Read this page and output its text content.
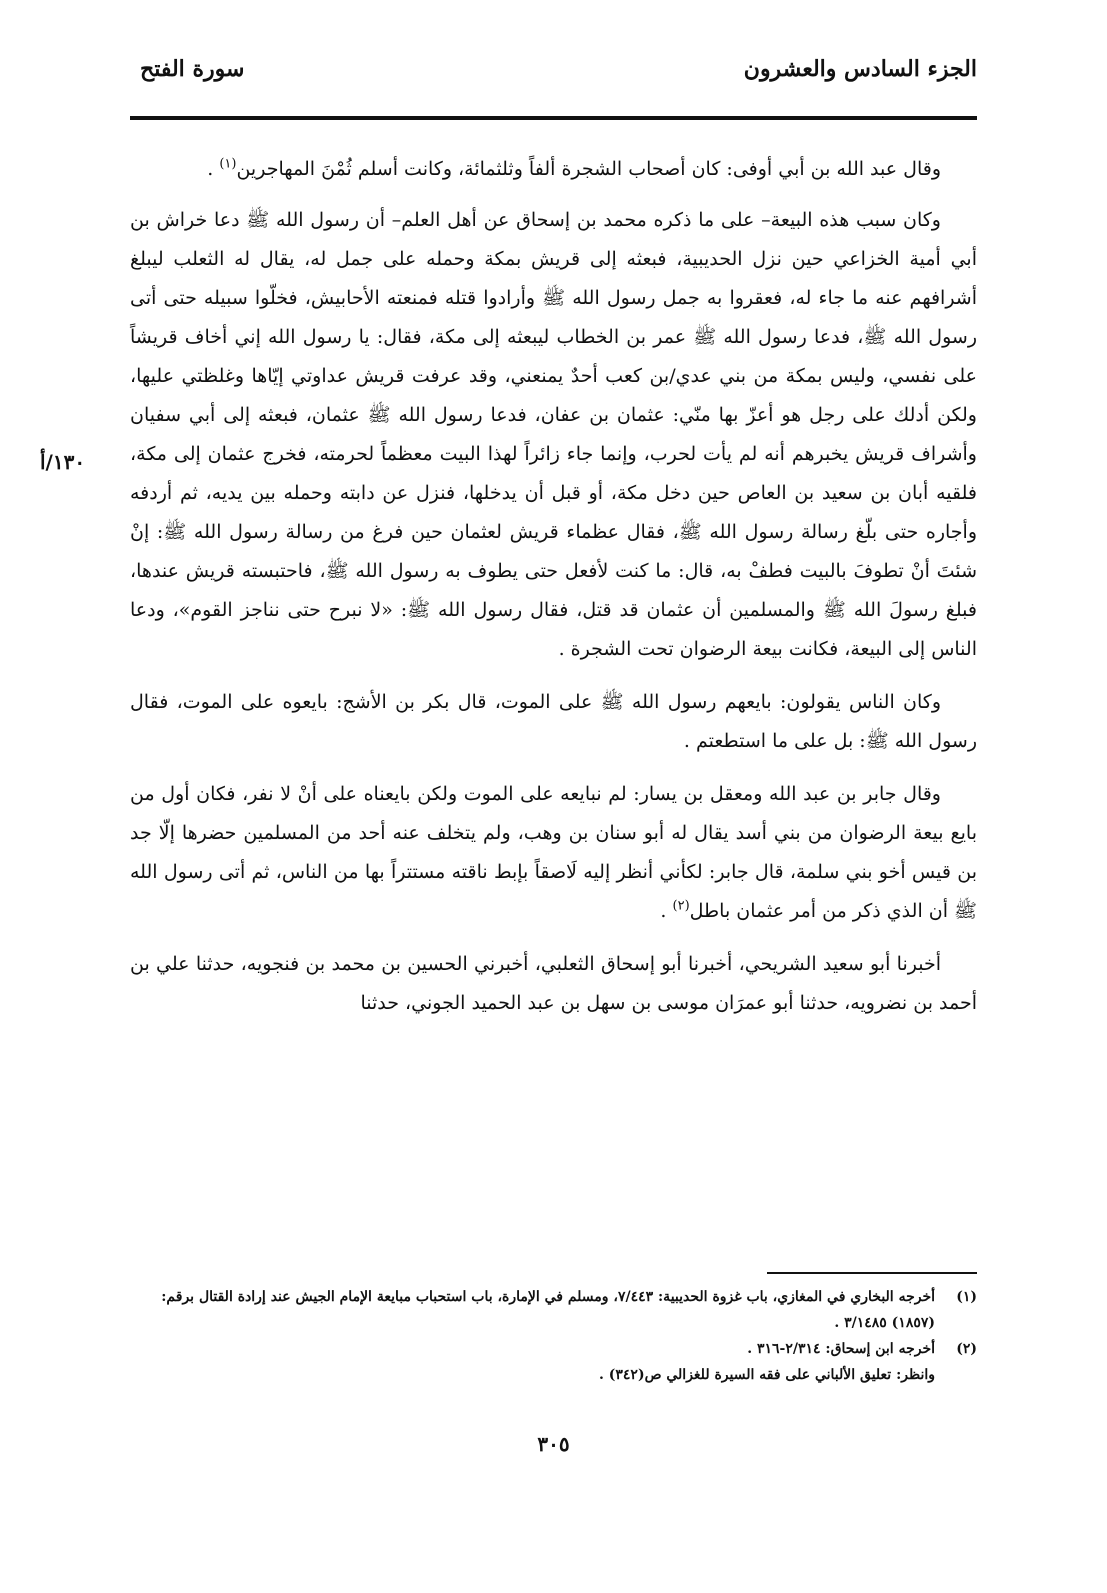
الجزء السادس والعشرون
سورة الفتح
١٣٠/أ

وقال عبد الله بن أبي أوفى: كان أصحاب الشجرة ألفاً وثلثمائة، وكانت أسلم ثُمْنَ المهاجرين$^{(١)}$ .

وكان سبب هذه البيعة– على ما ذكره محمد بن إسحاق عن أهل العلم– أن رسول الله ﷺ دعا خراش بن أبي أمية الخزاعي حين نزل الحديبية، فبعثه إلى قريش بمكة وحمله على جمل له، يقال له الثعلب ليبلغ أشرافهم عنه ما جاء له، فعقروا به جمل رسول الله ﷺ وأرادوا قتله فمنعته الأحابيش، فخلّوا سبيله حتى أتى رسول الله ﷺ، فدعا رسول الله ﷺ عمر بن الخطاب ليبعثه إلى مكة، فقال: يا رسول الله إني أخاف قريشاً على نفسي، وليس بمكة من بني عدي/بن كعب أحدٌ يمنعني، وقد عرفت قريش عداوتي إيّاها وغلظتي عليها، ولكن أدلك على رجل هو أعزّ بها منّي: عثمان بن عفان، فدعا رسول الله ﷺ عثمان، فبعثه إلى أبي سفيان وأشراف قريش يخبرهم أنه لم يأت لحرب، وإنما جاء زائراً لهذا البيت معظماً لحرمته، فخرج عثمان إلى مكة، فلقيه أبان بن سعيد بن العاص حين دخل مكة، أو قبل أن يدخلها، فنزل عن دابته وحمله بين يديه، ثم أردفه وأجاره حتى بلّغ رسالة رسول الله ﷺ، فقال عظماء قريش لعثمان حين فرغ من رسالة رسول الله ﷺ: إنْ شئتَ أنْ تطوفَ بالبيت فطفْ به، قال: ما كنت لأفعل حتى يطوف به رسول الله ﷺ، فاحتبسته قريش عندها، فبلغ رسولَ الله ﷺ والمسلمين أن عثمان قد قتل، فقال رسول الله ﷺ: «لا نبرح حتى نناجز القوم»، ودعا الناس إلى البيعة، فكانت بيعة الرضوان تحت الشجرة .

وكان الناس يقولون: بايعهم رسول الله ﷺ على الموت، قال بكر بن الأشج: بايعوه على الموت، فقال رسول الله ﷺ: بل على ما استطعتم .

وقال جابر بن عبد الله ومعقل بن يسار: لم نبايعه على الموت ولكن بايعناه على أنْ لا نفر، فكان أول من بايع بيعة الرضوان من بني أسد يقال له أبو سنان بن وهب، ولم يتخلف عنه أحد من المسلمين حضرها إلّا جد بن قيس أخو بني سلمة، قال جابر: لكأني أنظر إليه لَاصقاً بإبط ناقته مستتراً بها من الناس، ثم أتى رسول الله ﷺ أن الذي ذكر من أمر عثمان باطل$^{(٢)}$ .

أخبرنا أبو سعيد الشريحي، أخبرنا أبو إسحاق الثعلبي، أخبرني الحسين بن محمد بن فنجويه، حدثنا علي بن أحمد بن نضرويه، حدثنا أبو عمرَان موسى بن سهل بن عبد الحميد الجوني، حدثنا

(١)
أخرجه البخاري في المغازي، باب غزوة الحديبية: ٧/٤٤٣، ومسلم في الإمارة، باب استحباب مبايعة الإمام الجيش عند إرادة القتال برقم: (١٨٥٧) ٣/١٤٨٥ .

(٢)
أخرجه ابن إسحاق: ٢/٣١٤-٣١٦ .

وانظر: تعليق الألباني على فقه السيرة للغزالي ص(٣٤٢) .

٣٠٥
